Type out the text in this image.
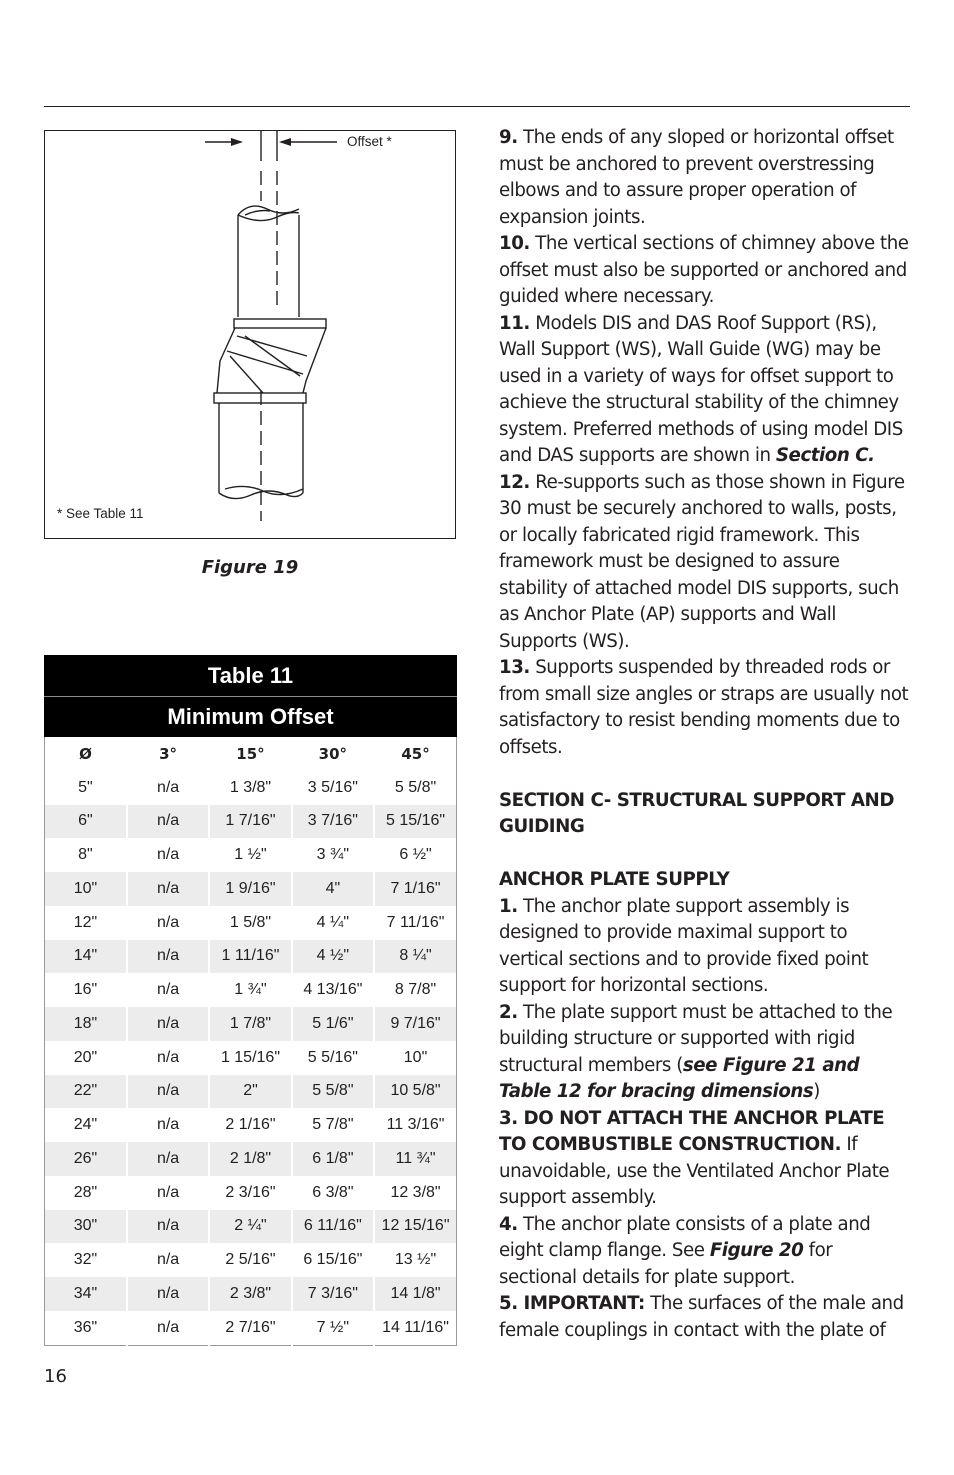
Offset *
* See Table 11
Figure 19
Table 11
Minimum Offset
Ø	3°	15°	30°	45°
5"	n/a	1 3/8"	3 5/16"	5 5/8"
6"	n/a	1 7/16"	3 7/16"	5 15/16"
8"	n/a	1 ½"	3 ¾"	6 ½"
10"	n/a	1 9/16"	4"	7 1/16"
12"	n/a	1 5/8"	4 ¼"	7 11/16"
14"	n/a	1 11/16"	4 ½"	8 ¼"
16"	n/a	1 ¾"	4 13/16"	8 7/8"
18"	n/a	1 7/8"	5 1/6"	9 7/16"
20"	n/a	1 15/16"	5 5/16"	10"
22"	n/a	2"	5 5/8"	10 5/8"
24"	n/a	2 1/16"	5 7/8"	11 3/16"
26"	n/a	2 1/8"	6 1/8"	11 ¾"
28"	n/a	2 3/16"	6 3/8"	12 3/8"
30"	n/a	2 ¼"	6 11/16"	12 15/16"
32"	n/a	2 5/16"	6 15/16"	13 ½"
34"	n/a	2 3/8"	7 3/16"	14 1/8"
36"	n/a	2 7/16"	7 ½"	14 11/16"

9. The ends of any sloped or horizontal offset must be anchored to prevent overstressing elbows and to assure proper operation of expansion joints.

10. The vertical sections of chimney above the offset must also be supported or anchored and guided where necessary.

11. Models DIS and DAS Roof Support (RS), Wall Support (WS), Wall Guide (WG) may be used in a variety of ways for offset support to achieve the structural stability of the chimney system. Preferred methods of using model DIS and DAS supports are shown in Section C.

12. Re-supports such as those shown in Figure 30 must be securely anchored to walls, posts, or locally fabricated rigid framework. This framework must be designed to assure stability of attached model DIS supports, such as Anchor Plate (AP) supports and Wall Supports (WS).

13. Supports suspended by threaded rods or from small size angles or straps are usually not satisfactory to resist bending moments due to offsets.

SECTION C- STRUCTURAL SUPPORT AND GUIDING

ANCHOR PLATE SUPPLY

1. The anchor plate support assembly is designed to provide maximal support to vertical sections and to provide fixed point support for horizontal sections.

2. The plate support must be attached to the building structure or supported with rigid structural members (see Figure 21 and Table 12 for bracing dimensions)

3. DO NOT ATTACH THE ANCHOR PLATE TO COMBUSTIBLE CONSTRUCTION. If unavoidable, use the Ventilated Anchor Plate support assembly.

4. The anchor plate consists of a plate and eight clamp flange. See Figure 20 for sectional details for plate support.

5. IMPORTANT: The surfaces of the male and female couplings in contact with the plate of

16
